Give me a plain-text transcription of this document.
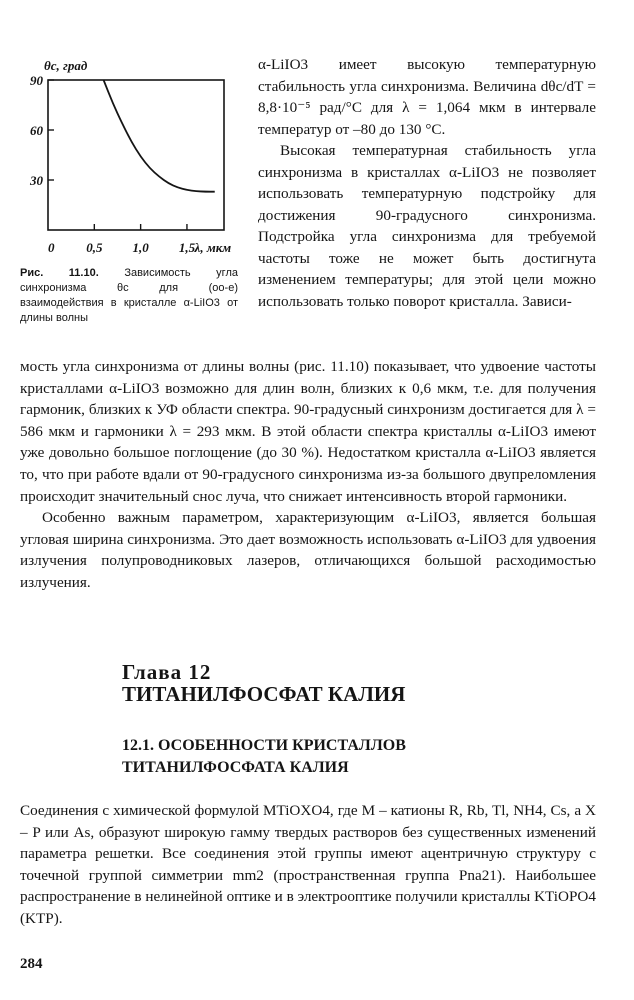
90
60
30
0 0,5 1,0 1,5
θc, град
λ, мкм
Рис. 11.10. Зависимость угла синхронизма θc для (оо-е) взаимодействия в кристалле α-LiIO3 от длины волны

α-LiIO3 имеет высокую температурную стабильность угла синхронизма. Величина dθc/dT = 8,8·10⁻⁵ рад/°С для λ = 1,064 мкм в интервале температур от –80 до 130 °С.

Высокая температурная стабильность угла синхронизма в кристаллах α-LiIO3 не позволяет использовать температурную подстройку для достижения 90-градусного синхронизма. Подстройка угла синхронизма для требуемой частоты тоже не может быть достигнута изменением температуры; для этой цели можно использовать только поворот кристалла. Зависи-

мость угла синхронизма от длины волны (рис. 11.10) показывает, что удвоение частоты кристаллами α-LiIO3 возможно для длин волн, близких к 0,6 мкм, т.е. для получения гармоник, близких к УФ области спектра. 90-градусный синхронизм достигается для λ = 586 мкм и гармоники λ = 293 мкм. В этой области спектра кристаллы α-LiIO3 имеют уже довольно большое поглощение (до 30 %). Недостатком кристалла α-LiIO3 является то, что при работе вдали от 90-градусного синхронизма из-за большого двупреломления происходит значительный снос луча, что снижает интенсивность второй гармоники.

Особенно важным параметром, характеризующим α-LiIO3, является большая угловая ширина синхронизма. Это дает возможность использовать α-LiIO3 для удвоения излучения полупроводниковых лазеров, отличающихся большой расходимостью излучения.

Глава 12
ТИТАНИЛФОСФАТ КАЛИЯ
12.1. ОСОБЕННОСТИ КРИСТАЛЛОВ
ТИТАНИЛФОСФАТА КАЛИЯ

Соединения с химической формулой MTiOXO4, где M – катионы R, Rb, Tl, NH4, Cs, а X – P или As, образуют широкую гамму твердых растворов без существенных изменений параметра решетки. Все соединения этой группы имеют ацентричную структуру с точечной группой симметрии mm2 (пространственная группа Pna21). Наибольшее распространение в нелинейной оптике и в электрооптике получили кристаллы KTiOPO4 (KTP).

284
